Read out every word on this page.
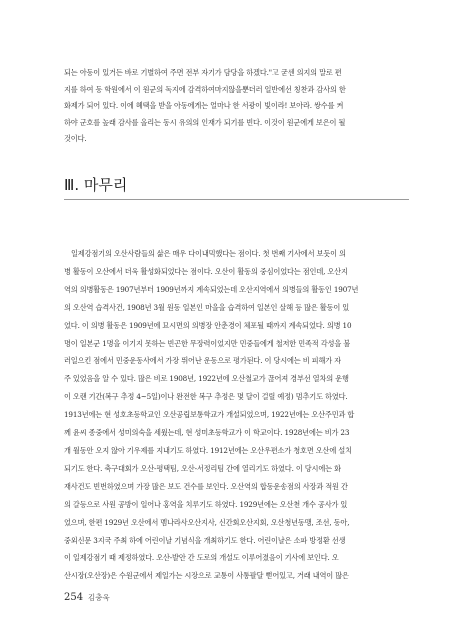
되는 아동이 있거든 바로 기별하여 주면 전부 자기가 담당을 하겠다."고 굳센 의지의 말로 편
지를 하여 동 학원에서 이 원군의 독지에 감격하여마지않을뿐더러 일반에선 칭찬과 감사의 한
화제가 되어 있다. 이에 혜택을 받을 아동에게는 얼마나 한 서광이 빛이라! 보아라. 쌍수를 켜
하야 군호를 높래 감사를 올리는 동시 유의의 인재가 되기를 빈다. 이것이 원군에게 보은이 될
것이다.
Ⅲ. 마무리
일제강점기의 오산사람들의 삶은 매우 다이내믹했다는 점이다. 첫 번째 기사에서 보듯이 의
병 활동이 오산에서 더욱 활성화되었다는 점이다. 오산이 활동의 중심이었다는 점인데, 오산지
역의 의병활동은 1907년부터 1909년까지 계속되었는데 오산지역에서 의병들의 활동인 1907년
의 오산역 습격사건, 1908년 3월 원동 일본인 마을을 습격하여 일본인 살해 등 많은 활동이 있
었다. 이 의병 활동은 1909년에 묘시면의 의병장 안춘경이 체포될 때까지 계속되었다. 의병 10
명이 일본군 1명을 이기지 못하는 빈곤한 무장력이었지만 민중들에게 철저한 민족적 각성을 불
러일으킨 점에서 민중운동사에서 가장 뛰어난 운동으로 평가된다. 이 당시에는 비 피해가 자
주 있었음을 알 수 있다. 많은 비로 1908년, 1922년에 오산철교가 끊어져 경부선 열차의 운행
이 오랜 기간(복구 추정 4~5일)이나 완전한 복구 추정은 몇 달이 걸릴 예정) 멈추기도 하였다.
1913년에는 현 성호초등학교인 오산공립보통학교가 개설되었으며, 1922년에는 오산주민과 합
께 윤씨 종중에서 성미의숙을 세웠는데, 현 성미초등학교가 이 학교이다. 1928년에는 비가 23
개 월동안 오지 않아 기우제를 지내기도 하였다. 1912년에는 오산우편소가 청호면 오산에 설치
되기도 한다. 축구대회가 오산-평택팀, 오산-서정리팀 간에 열리기도 하였다. 이 당시에는 화
재사건도 빈번하였으며 가장 많은 보도 건수를 보인다. 오산역의 합동운송점의 사장과 적원 간
의 갈등으로 사원 공방이 일어나 홍역을 치루기도 하였다. 1929년에는 오산천 개수 공사가 있
었으며, 한편 1929년 오산에서 멤나라사오산지사, 신간회오산지회, 오산청년동맹, 조선, 동아,
중외신문 3지국 주최 하에 어린이날 기념식을 개최하기도 한다. 어린이날은 소파 방정환 선생
이 일제강점기 때 제정하였다. 오산-발안 간 도로의 개설도 이루어졌음이 기사에 보인다. 오
산시장(오산장)은 수원군에서 제일가는 시장으로 교통이 사통팔달 뻗어있고, 거래 내역이 많은
254 김충욱
